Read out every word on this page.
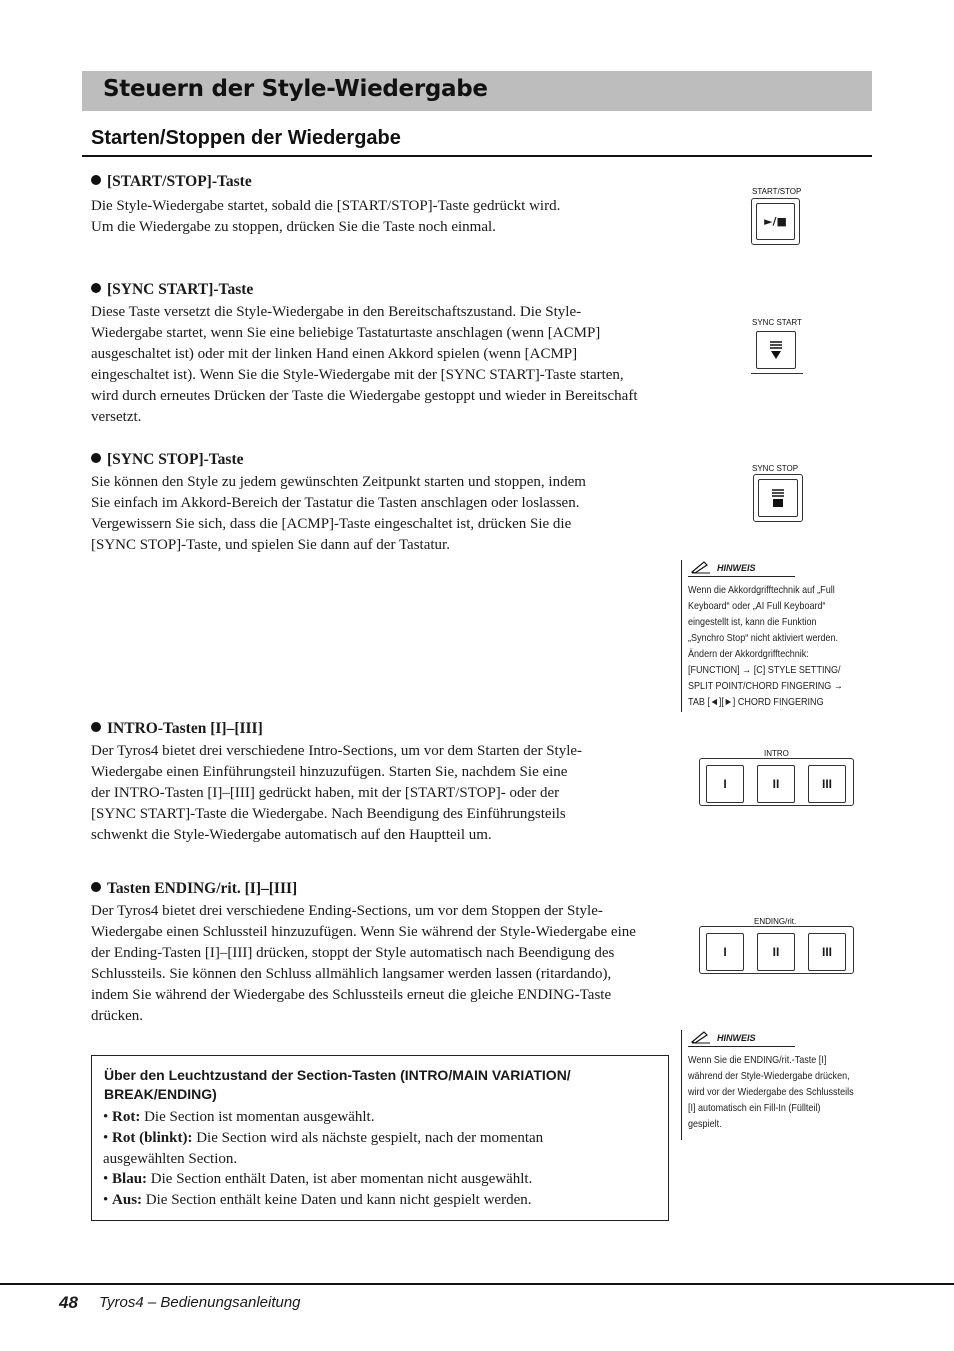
Steuern der Style-Wiedergabe
Starten/Stoppen der Wiedergabe
[START/STOP]-Taste
Die Style-Wiedergabe startet, sobald die [START/STOP]-Taste gedrückt wird.
Um die Wiedergabe zu stoppen, drücken Sie die Taste noch einmal.
[SYNC START]-Taste
Diese Taste versetzt die Style-Wiedergabe in den Bereitschaftszustand. Die Style-
Wiedergabe startet, wenn Sie eine beliebige Tastaturtaste anschlagen (wenn [ACMP]
ausgeschaltet ist) oder mit der linken Hand einen Akkord spielen (wenn [ACMP]
eingeschaltet ist). Wenn Sie die Style-Wiedergabe mit der [SYNC START]-Taste starten,
wird durch erneutes Drücken der Taste die Wiedergabe gestoppt und wieder in Bereitschaft
versetzt.
[SYNC STOP]-Taste
Sie können den Style zu jedem gewünschten Zeitpunkt starten und stoppen, indem
Sie einfach im Akkord-Bereich der Tastatur die Tasten anschlagen oder loslassen.
Vergewissern Sie sich, dass die [ACMP]-Taste eingeschaltet ist, drücken Sie die
[SYNC STOP]-Taste, und spielen Sie dann auf der Tastatur.
INTRO-Tasten [I]–[III]
Der Tyros4 bietet drei verschiedene Intro-Sections, um vor dem Starten der Style-
Wiedergabe einen Einführungsteil hinzuzufügen. Starten Sie, nachdem Sie eine
der INTRO-Tasten [I]–[III] gedrückt haben, mit der [START/STOP]- oder der
[SYNC START]-Taste die Wiedergabe. Nach Beendigung des Einführungsteils
schwenkt die Style-Wiedergabe automatisch auf den Hauptteil um.
Tasten ENDING/rit. [I]–[III]
Der Tyros4 bietet drei verschiedene Ending-Sections, um vor dem Stoppen der Style-
Wiedergabe einen Schlussteil hinzuzufügen. Wenn Sie während der Style-Wiedergabe eine
der Ending-Tasten [I]–[III] drücken, stoppt der Style automatisch nach Beendigung des
Schlussteils. Sie können den Schluss allmählich langsamer werden lassen (ritardando),
indem Sie während der Wiedergabe des Schlussteils erneut die gleiche ENDING-Taste
drücken.
START/STOP
►/■
SYNC START
SYNC STOP
INTRO
I	II	III
ENDING/rit.
I	II	III
HINWEIS
Wenn die Akkordgrifftechnik auf „Full
Keyboard“ oder „AI Full Keyboard“
eingestellt ist, kann die Funktion
„Synchro Stop“ nicht aktiviert werden.
Ändern der Akkordgrifftechnik:
[FUNCTION] → [C] STYLE SETTING/
SPLIT POINT/CHORD FINGERING →
TAB [◄][►] CHORD FINGERING
HINWEIS
Wenn Sie die ENDING/rit.-Taste [I]
während der Style-Wiedergabe drücken,
wird vor der Wiedergabe des Schlussteils
[I] automatisch ein Fill-In (Füllteil)
gespielt.
Über den Leuchtzustand der Section-Tasten (INTRO/MAIN VARIATION/
BREAK/ENDING)
• Rot: Die Section ist momentan ausgewählt.
• Rot (blinkt): Die Section wird als nächste gespielt, nach der momentan
ausgewählten Section.
• Blau: Die Section enthält Daten, ist aber momentan nicht ausgewählt.
• Aus: Die Section enthält keine Daten und kann nicht gespielt werden.
48 Tyros4 – Bedienungsanleitung
